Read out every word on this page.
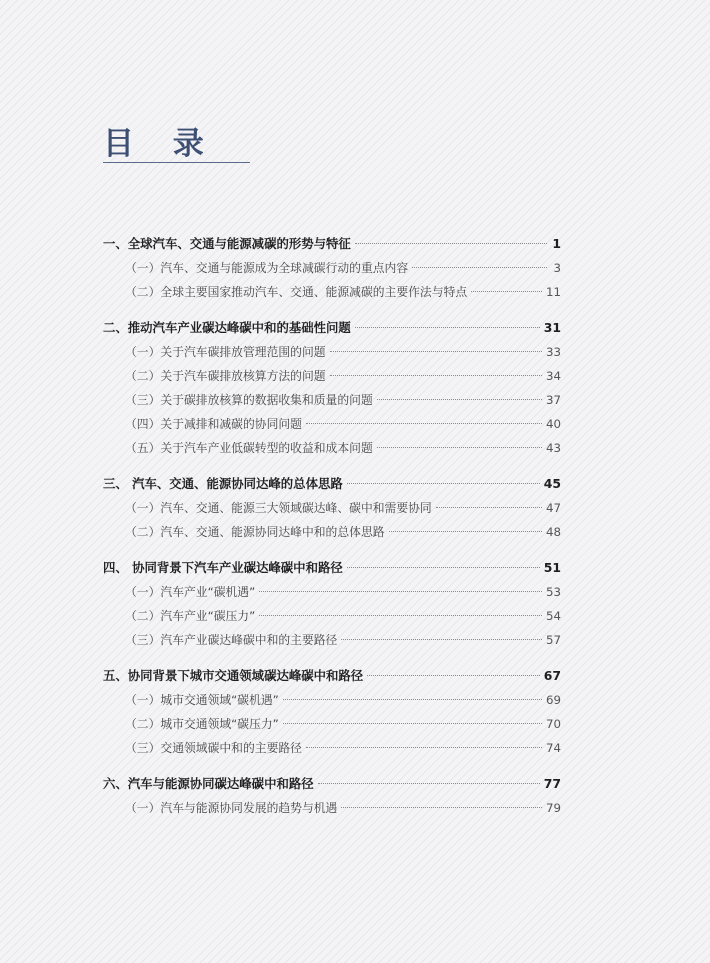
目 录
一、全球汽车、交通与能源减碳的形势与特征	1
（一）汽车、交通与能源成为全球减碳行动的重点内容	3
（二）全球主要国家推动汽车、交通、能源减碳的主要作法与特点	11
二、推动汽车产业碳达峰碳中和的基础性问题	31
（一）关于汽车碳排放管理范围的问题	33
（二）关于汽车碳排放核算方法的问题	34
（三）关于碳排放核算的数据收集和质量的问题	37
（四）关于减排和减碳的协同问题	40
（五）关于汽车产业低碳转型的收益和成本问题	43
三、 汽车、交通、能源协同达峰的总体思路	45
（一）汽车、交通、能源三大领域碳达峰、碳中和需要协同	47
（二）汽车、交通、能源协同达峰中和的总体思路	48
四、 协同背景下汽车产业碳达峰碳中和路径	51
（一）汽车产业“碳机遇”	53
（二）汽车产业“碳压力”	54
（三）汽车产业碳达峰碳中和的主要路径	57
五、协同背景下城市交通领域碳达峰碳中和路径	67
（一）城市交通领域“碳机遇”	69
（二）城市交通领域“碳压力”	70
（三）交通领域碳中和的主要路径	74
六、汽车与能源协同碳达峰碳中和路径	77
（一）汽车与能源协同发展的趋势与机遇	79
